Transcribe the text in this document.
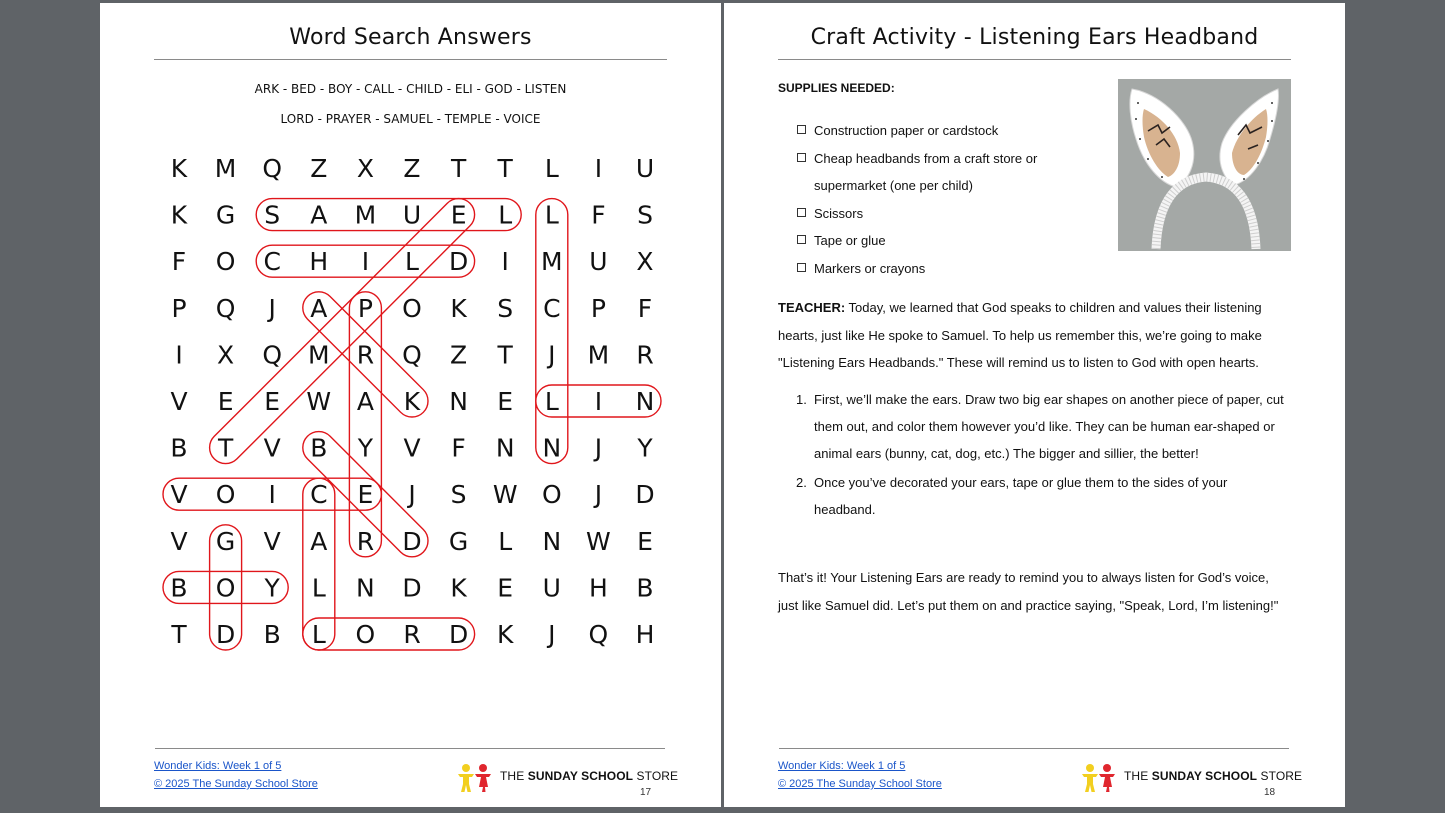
Word Search Answers
ARK - BED - BOY - CALL - CHILD - ELI - GOD - LISTEN
LORD - PRAYER - SAMUEL - TEMPLE - VOICE
K M Q Z X Z T T L I U
K G S A M U E L L F S
F O C H I L D I M U X
P Q J A P O K S C P F
I X Q M R Q Z T J M R
V E E W A K N E L I N
B T V B Y V F N N J Y
V O I C E J S W O J D
V G V A R D G L N W E
B O Y L N D K E U H B
T D B L O R D K J Q H
Wonder Kids: Week 1 of 5
© 2025 The Sunday School Store
THE SUNDAY SCHOOL STORE
17
Craft Activity - Listening Ears Headband
SUPPLIES NEEDED:
Construction paper or cardstock
Cheap headbands from a craft store or supermarket (one per child)
Scissors
Tape or glue
Markers or crayons
TEACHER: Today, we learned that God speaks to children and values their listening hearts, just like He spoke to Samuel. To help us remember this, we’re going to make "Listening Ears Headbands." These will remind us to listen to God with open hearts.
1. First, we’ll make the ears. Draw two big ear shapes on another piece of paper, cut them out, and color them however you’d like. They can be human ear-shaped or animal ears (bunny, cat, dog, etc.) The bigger and sillier, the better!
2. Once you’ve decorated your ears, tape or glue them to the sides of your headband.
That’s it! Your Listening Ears are ready to remind you to always listen for God’s voice, just like Samuel did. Let’s put them on and practice saying, "Speak, Lord, I’m listening!"
Wonder Kids: Week 1 of 5
© 2025 The Sunday School Store
THE SUNDAY SCHOOL STORE
18
